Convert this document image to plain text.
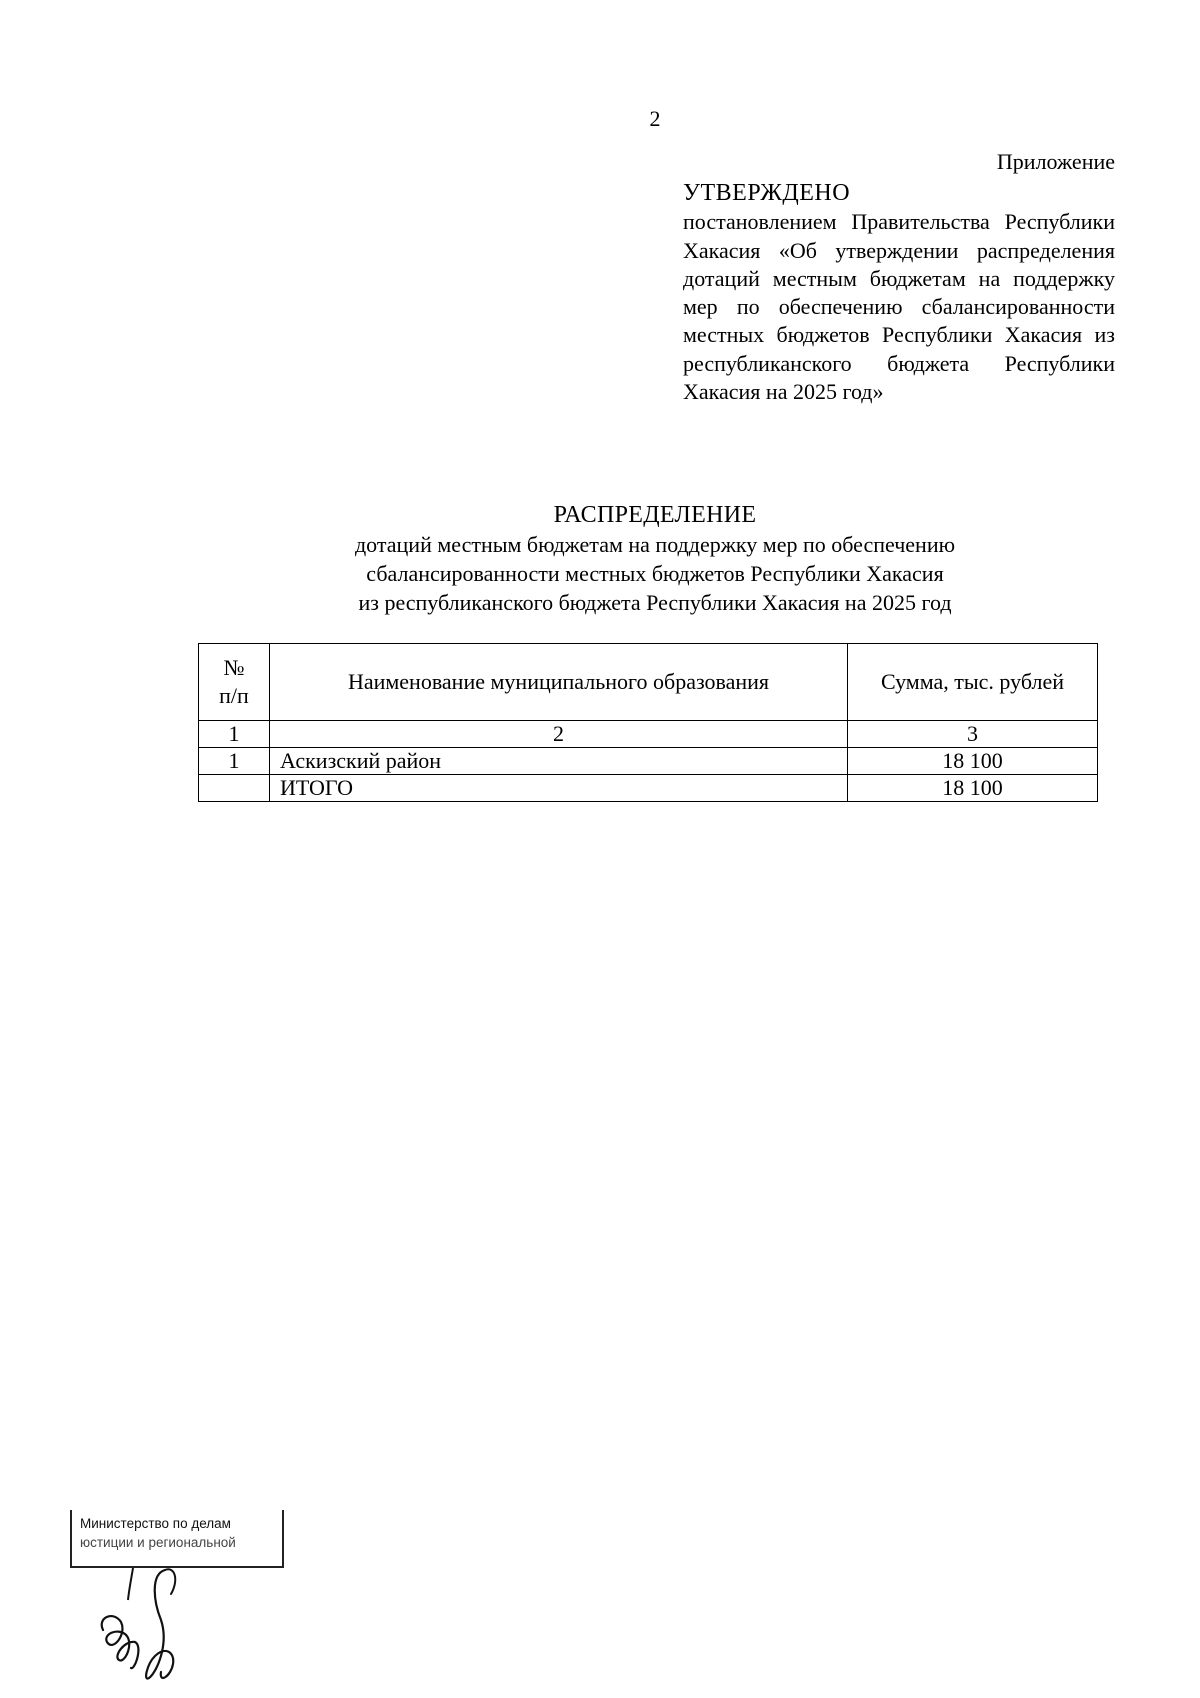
2
Приложение
УТВЕРЖДЕНО
постановлением Правительства Республики Хакасия «Об утверждении распределения дотаций местным бюджетам на поддержку мер по обеспечению сбалансированности местных бюджетов Республики Хакасия из республиканского бюджета Республики Хакасия на 2025 год»
РАСПРЕДЕЛЕНИЕ
дотаций местным бюджетам на поддержку мер по обеспечению
сбалансированности местных бюджетов Республики Хакасия
из республиканского бюджета Республики Хакасия на 2025 год
№
п/п	Наименование муниципального образования	Сумма, тыс. рублей
1	2	3
1	Аскизский район	18 100
	ИТОГО	18 100
Министерство по делам
юстиции и региональной
